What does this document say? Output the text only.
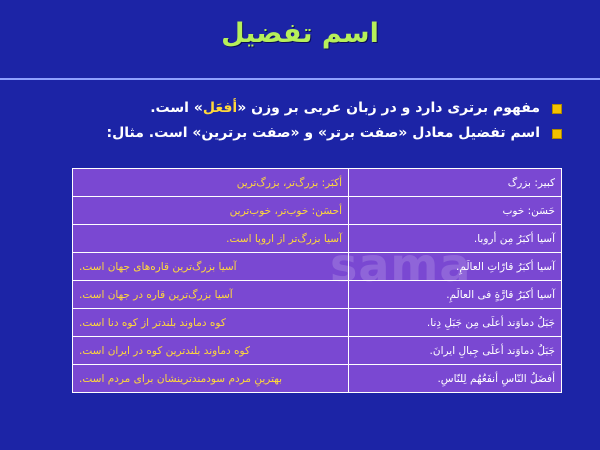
اسم تفضیل
مفهوم برتری دارد و در زبان عربی بر وزن «أفعَل» است.
اسم تفضیل معادل «صفت برتر» و «صفت برترین» است. مثال:
کبیر: بزرگ	أکبَر: بزرگ‌تر، بزرگ‌ترین
حَسَن: خوب	أحسَن: خوب‌تر، خوب‌ترین
آسیا أکبَرُ مِن أروبا.	آسیا بزرگ‌تر از اروپا است.
آسیا أکبَرُ قارّاتِ العالَمِ.	آسیا بزرگ‌ترین قاره‌های جهان است.
آسیا أکبَرُ قارَّةٍ فی العالَمِ.	آسیا بزرگ‌ترین قاره در جهان است.
جَبَلُ دماوَند أعلَی مِن جَبَلِ دِنا.	کوه دماوند بلندتر از کوه دنا است.
جَبَلُ دماوَند أعلَی جِبالِ ایرانَ.	کوه دماوند بلندترین کوه در ایران است.
أفضَلُ النّاسِ أنفَعُهُم لِلنّاسِ.	بهترینِ مردم سودمندترینشان برای مردم است.
sama
